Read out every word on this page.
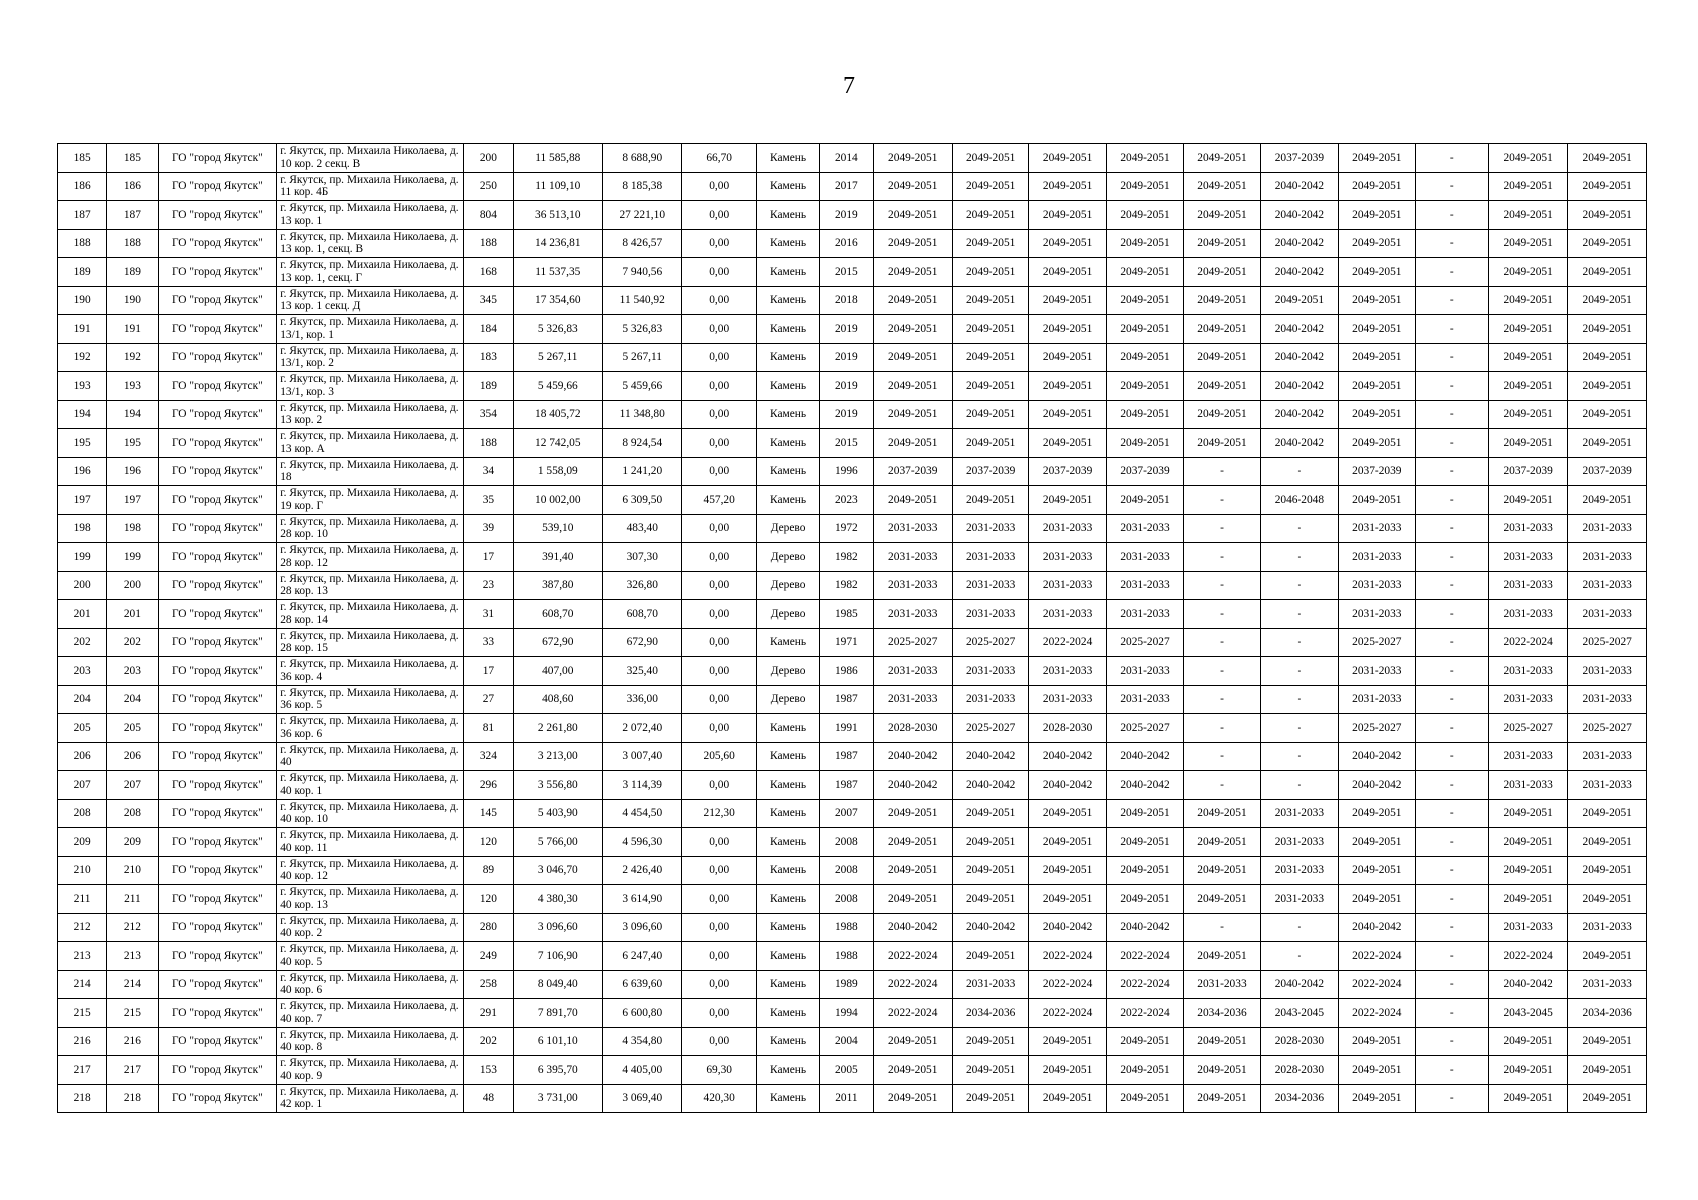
7
185	185	ГО "город Якутск"	г. Якутск, пр. Михаила Николаева, д. 10 кор. 2 секц. В	200	11 585,88	8 688,90	66,70	Камень	2014	2049-2051	2049-2051	2049-2051	2049-2051	2049-2051	2037-2039	2049-2051	-	2049-2051	2049-2051
186	186	ГО "город Якутск"	г. Якутск, пр. Михаила Николаева, д. 11 кор. 4Б	250	11 109,10	8 185,38	0,00	Камень	2017	2049-2051	2049-2051	2049-2051	2049-2051	2049-2051	2040-2042	2049-2051	-	2049-2051	2049-2051
187	187	ГО "город Якутск"	г. Якутск, пр. Михаила Николаева, д. 13 кор. 1	804	36 513,10	27 221,10	0,00	Камень	2019	2049-2051	2049-2051	2049-2051	2049-2051	2049-2051	2040-2042	2049-2051	-	2049-2051	2049-2051
188	188	ГО "город Якутск"	г. Якутск, пр. Михаила Николаева, д. 13 кор. 1, секц. В	188	14 236,81	8 426,57	0,00	Камень	2016	2049-2051	2049-2051	2049-2051	2049-2051	2049-2051	2040-2042	2049-2051	-	2049-2051	2049-2051
189	189	ГО "город Якутск"	г. Якутск, пр. Михаила Николаева, д. 13 кор. 1, секц. Г	168	11 537,35	7 940,56	0,00	Камень	2015	2049-2051	2049-2051	2049-2051	2049-2051	2049-2051	2040-2042	2049-2051	-	2049-2051	2049-2051
190	190	ГО "город Якутск"	г. Якутск, пр. Михаила Николаева, д. 13 кор. 1 секц. Д	345	17 354,60	11 540,92	0,00	Камень	2018	2049-2051	2049-2051	2049-2051	2049-2051	2049-2051	2049-2051	2049-2051	-	2049-2051	2049-2051
191	191	ГО "город Якутск"	г. Якутск, пр. Михаила Николаева, д. 13/1, кор. 1	184	5 326,83	5 326,83	0,00	Камень	2019	2049-2051	2049-2051	2049-2051	2049-2051	2049-2051	2040-2042	2049-2051	-	2049-2051	2049-2051
192	192	ГО "город Якутск"	г. Якутск, пр. Михаила Николаева, д. 13/1, кор. 2	183	5 267,11	5 267,11	0,00	Камень	2019	2049-2051	2049-2051	2049-2051	2049-2051	2049-2051	2040-2042	2049-2051	-	2049-2051	2049-2051
193	193	ГО "город Якутск"	г. Якутск, пр. Михаила Николаева, д. 13/1, кор. 3	189	5 459,66	5 459,66	0,00	Камень	2019	2049-2051	2049-2051	2049-2051	2049-2051	2049-2051	2040-2042	2049-2051	-	2049-2051	2049-2051
194	194	ГО "город Якутск"	г. Якутск, пр. Михаила Николаева, д. 13 кор. 2	354	18 405,72	11 348,80	0,00	Камень	2019	2049-2051	2049-2051	2049-2051	2049-2051	2049-2051	2040-2042	2049-2051	-	2049-2051	2049-2051
195	195	ГО "город Якутск"	г. Якутск, пр. Михаила Николаева, д. 13 кор. А	188	12 742,05	8 924,54	0,00	Камень	2015	2049-2051	2049-2051	2049-2051	2049-2051	2049-2051	2040-2042	2049-2051	-	2049-2051	2049-2051
196	196	ГО "город Якутск"	г. Якутск, пр. Михаила Николаева, д. 18	34	1 558,09	1 241,20	0,00	Камень	1996	2037-2039	2037-2039	2037-2039	2037-2039	-	-	2037-2039	-	2037-2039	2037-2039
197	197	ГО "город Якутск"	г. Якутск, пр. Михаила Николаева, д. 19 кор. Г	35	10 002,00	6 309,50	457,20	Камень	2023	2049-2051	2049-2051	2049-2051	2049-2051	-	2046-2048	2049-2051	-	2049-2051	2049-2051
198	198	ГО "город Якутск"	г. Якутск, пр. Михаила Николаева, д. 28 кор. 10	39	539,10	483,40	0,00	Дерево	1972	2031-2033	2031-2033	2031-2033	2031-2033	-	-	2031-2033	-	2031-2033	2031-2033
199	199	ГО "город Якутск"	г. Якутск, пр. Михаила Николаева, д. 28 кор. 12	17	391,40	307,30	0,00	Дерево	1982	2031-2033	2031-2033	2031-2033	2031-2033	-	-	2031-2033	-	2031-2033	2031-2033
200	200	ГО "город Якутск"	г. Якутск, пр. Михаила Николаева, д. 28 кор. 13	23	387,80	326,80	0,00	Дерево	1982	2031-2033	2031-2033	2031-2033	2031-2033	-	-	2031-2033	-	2031-2033	2031-2033
201	201	ГО "город Якутск"	г. Якутск, пр. Михаила Николаева, д. 28 кор. 14	31	608,70	608,70	0,00	Дерево	1985	2031-2033	2031-2033	2031-2033	2031-2033	-	-	2031-2033	-	2031-2033	2031-2033
202	202	ГО "город Якутск"	г. Якутск, пр. Михаила Николаева, д. 28 кор. 15	33	672,90	672,90	0,00	Камень	1971	2025-2027	2025-2027	2022-2024	2025-2027	-	-	2025-2027	-	2022-2024	2025-2027
203	203	ГО "город Якутск"	г. Якутск, пр. Михаила Николаева, д. 36 кор. 4	17	407,00	325,40	0,00	Дерево	1986	2031-2033	2031-2033	2031-2033	2031-2033	-	-	2031-2033	-	2031-2033	2031-2033
204	204	ГО "город Якутск"	г. Якутск, пр. Михаила Николаева, д. 36 кор. 5	27	408,60	336,00	0,00	Дерево	1987	2031-2033	2031-2033	2031-2033	2031-2033	-	-	2031-2033	-	2031-2033	2031-2033
205	205	ГО "город Якутск"	г. Якутск, пр. Михаила Николаева, д. 36 кор. 6	81	2 261,80	2 072,40	0,00	Камень	1991	2028-2030	2025-2027	2028-2030	2025-2027	-	-	2025-2027	-	2025-2027	2025-2027
206	206	ГО "город Якутск"	г. Якутск, пр. Михаила Николаева, д. 40	324	3 213,00	3 007,40	205,60	Камень	1987	2040-2042	2040-2042	2040-2042	2040-2042	-	-	2040-2042	-	2031-2033	2031-2033
207	207	ГО "город Якутск"	г. Якутск, пр. Михаила Николаева, д. 40 кор. 1	296	3 556,80	3 114,39	0,00	Камень	1987	2040-2042	2040-2042	2040-2042	2040-2042	-	-	2040-2042	-	2031-2033	2031-2033
208	208	ГО "город Якутск"	г. Якутск, пр. Михаила Николаева, д. 40 кор. 10	145	5 403,90	4 454,50	212,30	Камень	2007	2049-2051	2049-2051	2049-2051	2049-2051	2049-2051	2031-2033	2049-2051	-	2049-2051	2049-2051
209	209	ГО "город Якутск"	г. Якутск, пр. Михаила Николаева, д. 40 кор. 11	120	5 766,00	4 596,30	0,00	Камень	2008	2049-2051	2049-2051	2049-2051	2049-2051	2049-2051	2031-2033	2049-2051	-	2049-2051	2049-2051
210	210	ГО "город Якутск"	г. Якутск, пр. Михаила Николаева, д. 40 кор. 12	89	3 046,70	2 426,40	0,00	Камень	2008	2049-2051	2049-2051	2049-2051	2049-2051	2049-2051	2031-2033	2049-2051	-	2049-2051	2049-2051
211	211	ГО "город Якутск"	г. Якутск, пр. Михаила Николаева, д. 40 кор. 13	120	4 380,30	3 614,90	0,00	Камень	2008	2049-2051	2049-2051	2049-2051	2049-2051	2049-2051	2031-2033	2049-2051	-	2049-2051	2049-2051
212	212	ГО "город Якутск"	г. Якутск, пр. Михаила Николаева, д. 40 кор. 2	280	3 096,60	3 096,60	0,00	Камень	1988	2040-2042	2040-2042	2040-2042	2040-2042	-	-	2040-2042	-	2031-2033	2031-2033
213	213	ГО "город Якутск"	г. Якутск, пр. Михаила Николаева, д. 40 кор. 5	249	7 106,90	6 247,40	0,00	Камень	1988	2022-2024	2049-2051	2022-2024	2022-2024	2049-2051	-	2022-2024	-	2022-2024	2049-2051
214	214	ГО "город Якутск"	г. Якутск, пр. Михаила Николаева, д. 40 кор. 6	258	8 049,40	6 639,60	0,00	Камень	1989	2022-2024	2031-2033	2022-2024	2022-2024	2031-2033	2040-2042	2022-2024	-	2040-2042	2031-2033
215	215	ГО "город Якутск"	г. Якутск, пр. Михаила Николаева, д. 40 кор. 7	291	7 891,70	6 600,80	0,00	Камень	1994	2022-2024	2034-2036	2022-2024	2022-2024	2034-2036	2043-2045	2022-2024	-	2043-2045	2034-2036
216	216	ГО "город Якутск"	г. Якутск, пр. Михаила Николаева, д. 40 кор. 8	202	6 101,10	4 354,80	0,00	Камень	2004	2049-2051	2049-2051	2049-2051	2049-2051	2049-2051	2028-2030	2049-2051	-	2049-2051	2049-2051
217	217	ГО "город Якутск"	г. Якутск, пр. Михаила Николаева, д. 40 кор. 9	153	6 395,70	4 405,00	69,30	Камень	2005	2049-2051	2049-2051	2049-2051	2049-2051	2049-2051	2028-2030	2049-2051	-	2049-2051	2049-2051
218	218	ГО "город Якутск"	г. Якутск, пр. Михаила Николаева, д. 42 кор. 1	48	3 731,00	3 069,40	420,30	Камень	2011	2049-2051	2049-2051	2049-2051	2049-2051	2049-2051	2034-2036	2049-2051	-	2049-2051	2049-2051
